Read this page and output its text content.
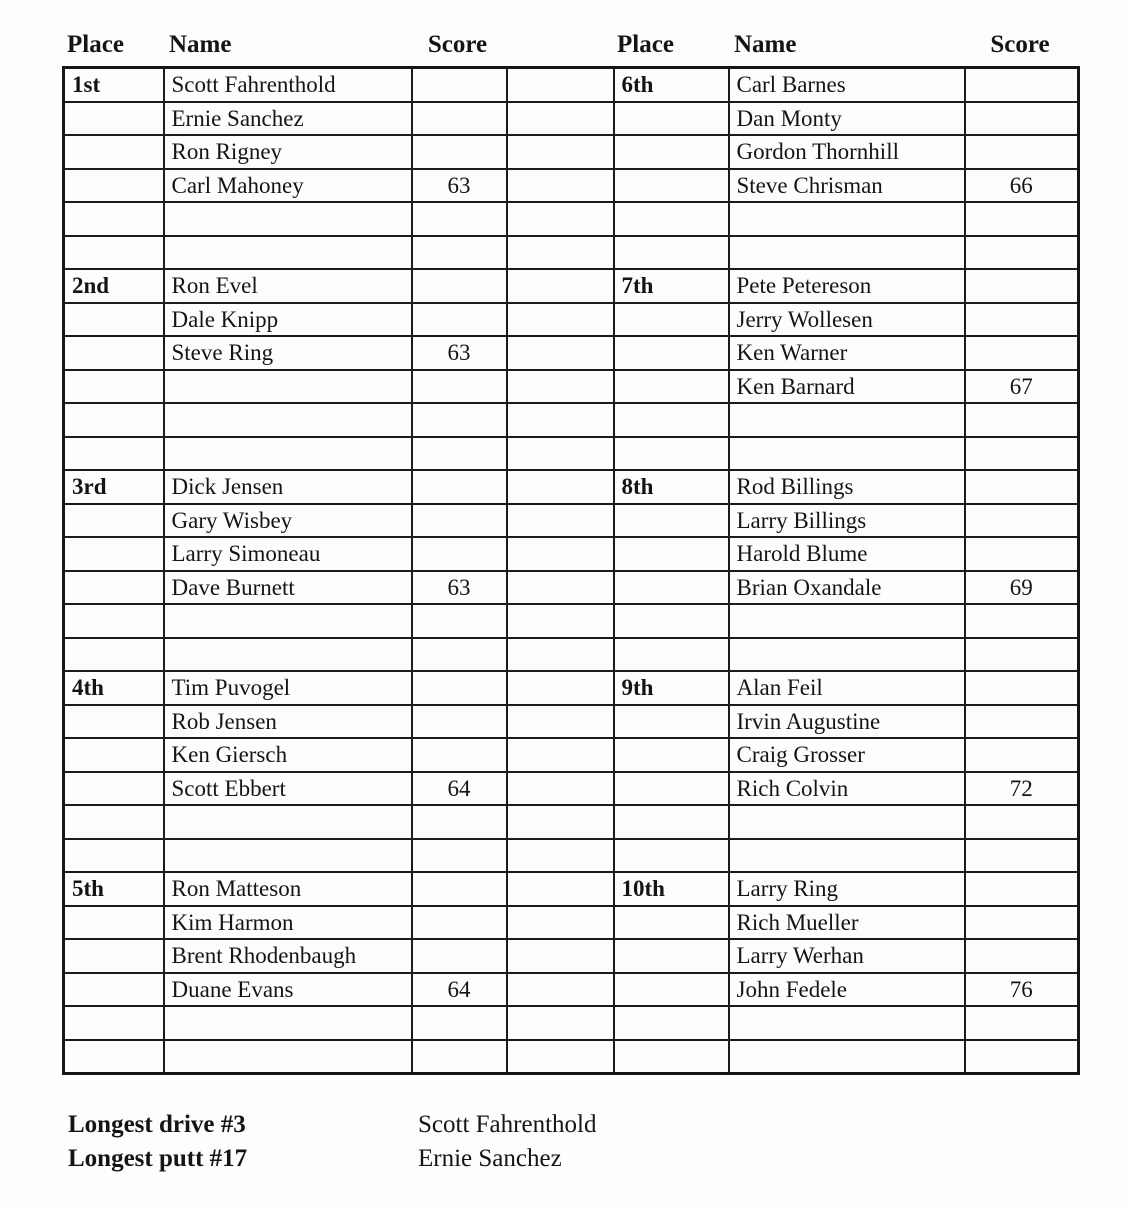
Place	Name	Score	Place	Name	Score
1st	Scott Fahrenthold			6th	Carl Barnes	
	Ernie Sanchez				Dan Monty	
	Ron Rigney				Gordon Thornhill	
	Carl Mahoney	63			Steve Chrisman	66

2nd	Ron Evel			7th	Pete Petereson	
	Dale Knipp				Jerry Wollesen	
	Steve Ring	63			Ken Warner	
					Ken Barnard	67

3rd	Dick Jensen			8th	Rod Billings	
	Gary Wisbey				Larry Billings	
	Larry Simoneau				Harold Blume	
	Dave Burnett	63			Brian Oxandale	69

4th	Tim Puvogel			9th	Alan Feil	
	Rob Jensen				Irvin Augustine	
	Ken Giersch				Craig Grosser	
	Scott Ebbert	64			Rich Colvin	72

5th	Ron Matteson			10th	Larry Ring	
	Kim Harmon				Rich Mueller	
	Brent Rhodenbaugh				Larry Werhan	
	Duane Evans	64			John Fedele	76

Longest drive #3	Scott Fahrenthold
Longest putt #17	Ernie Sanchez
